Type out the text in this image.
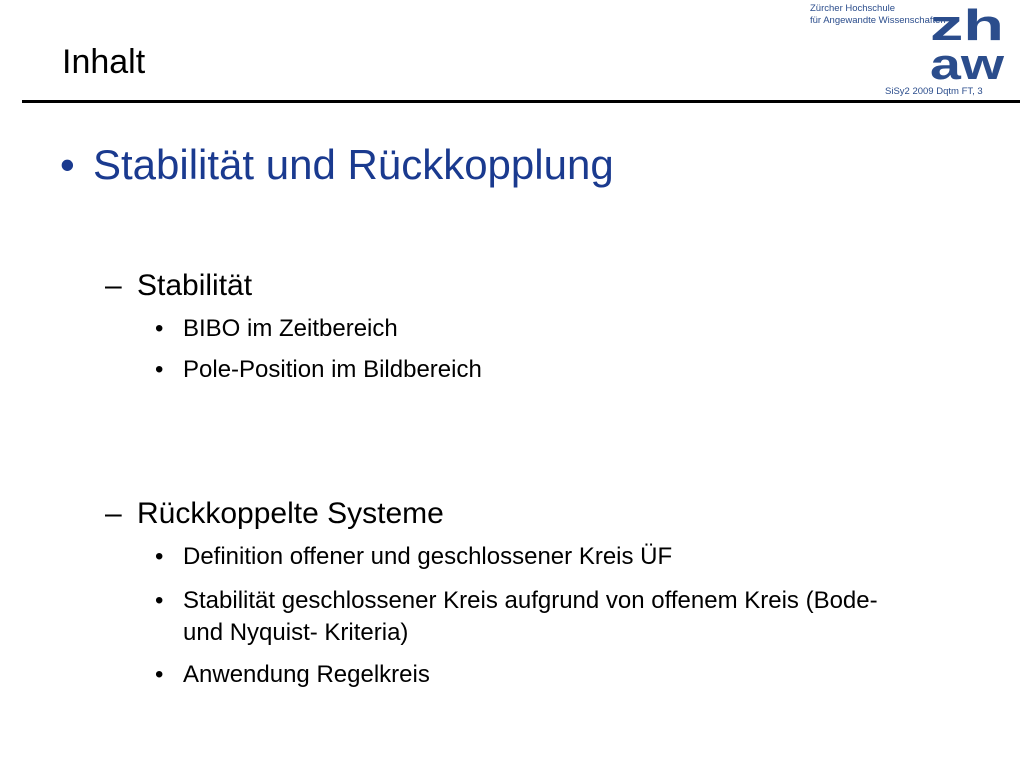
Inhalt
Zürcher Hochschule
für Angewandte Wissenschaften
zh
aw
SiSy2 2009 Dqtm FT, 3
• Stabilität und Rückkopplung
– Stabilität
• BIBO im Zeitbereich
• Pole-Position im Bildbereich
– Rückkoppelte Systeme
• Definition offener und geschlossener Kreis ÜF
• Stabilität geschlossener Kreis aufgrund von offenem Kreis (Bode- und Nyquist- Kriteria)
• Anwendung Regelkreis
